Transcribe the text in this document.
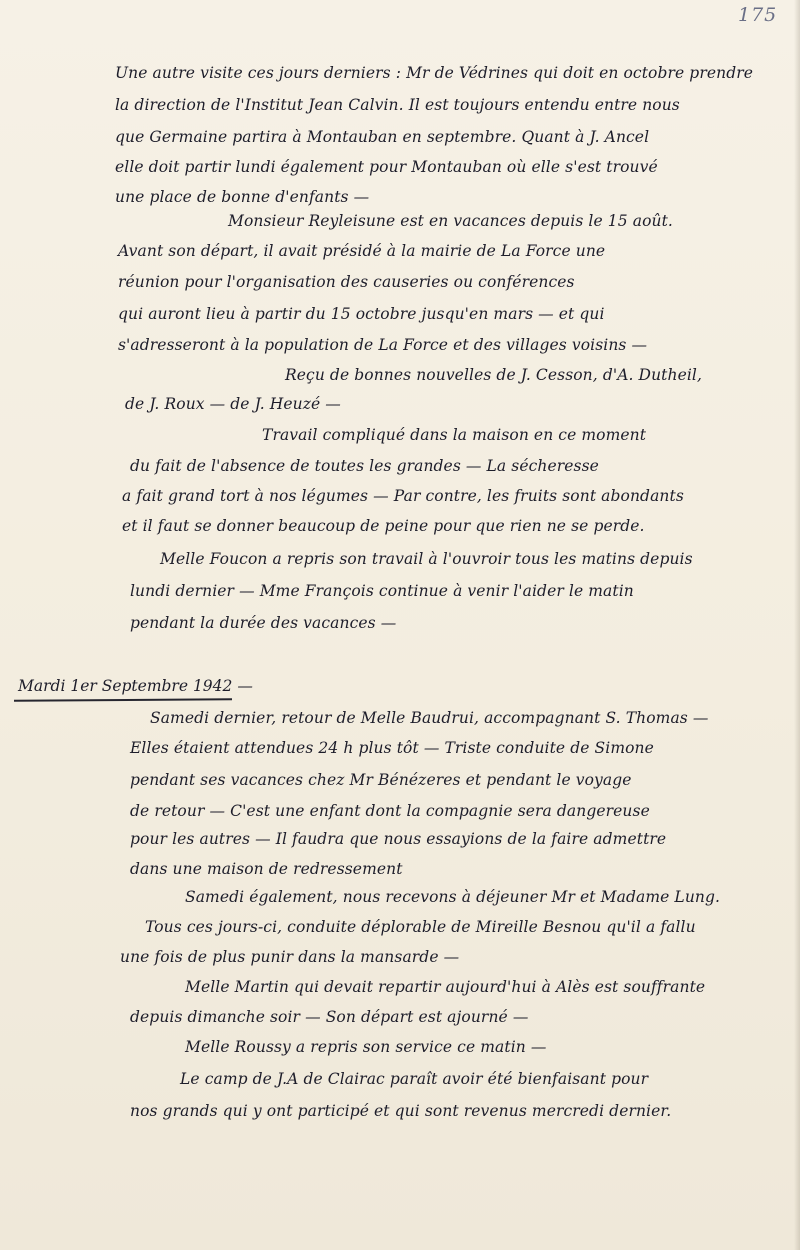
175
Une autre visite ces jours derniers : Mr de Védrines qui doit en octobre prendre
la direction de l'Institut Jean Calvin. Il est toujours entendu entre nous
que Germaine partira à Montauban en septembre. Quant à J. Ancel
elle doit partir lundi également pour Montauban où elle s'est trouvé
une place de bonne d'enfants —
Monsieur Reyleisune est en vacances depuis le 15 août.
Avant son départ, il avait présidé à la mairie de La Force une
réunion pour l'organisation des causeries ou conférences
qui auront lieu à partir du 15 octobre jusqu'en mars — et qui
s'adresseront à la population de La Force et des villages voisins —
Reçu de bonnes nouvelles de J. Cesson, d'A. Dutheil,
de J. Roux — de J. Heuzé —
Travail compliqué dans la maison en ce moment
du fait de l'absence de toutes les grandes — La sécheresse
a fait grand tort à nos légumes — Par contre, les fruits sont abondants
et il faut se donner beaucoup de peine pour que rien ne se perde.
Melle Foucon a repris son travail à l'ouvroir tous les matins depuis
lundi dernier — Mme François continue à venir l'aider le matin
pendant la durée des vacances —
Mardi 1er Septembre 1942 —
Samedi dernier, retour de Melle Baudrui, accompagnant S. Thomas —
Elles étaient attendues 24 h plus tôt — Triste conduite de Simone
pendant ses vacances chez Mr Bénézeres et pendant le voyage
de retour — C'est une enfant dont la compagnie sera dangereuse
pour les autres — Il faudra que nous essayions de la faire admettre
dans une maison de redressement
Samedi également, nous recevons à déjeuner Mr et Madame Lung.
Tous ces jours-ci, conduite déplorable de Mireille Besnou qu'il a fallu
une fois de plus punir dans la mansarde —
Melle Martin qui devait repartir aujourd'hui à Alès est souffrante
depuis dimanche soir — Son départ est ajourné —
Melle Roussy a repris son service ce matin —
Le camp de J.A de Clairac paraît avoir été bienfaisant pour
nos grands qui y ont participé et qui sont revenus mercredi dernier.
